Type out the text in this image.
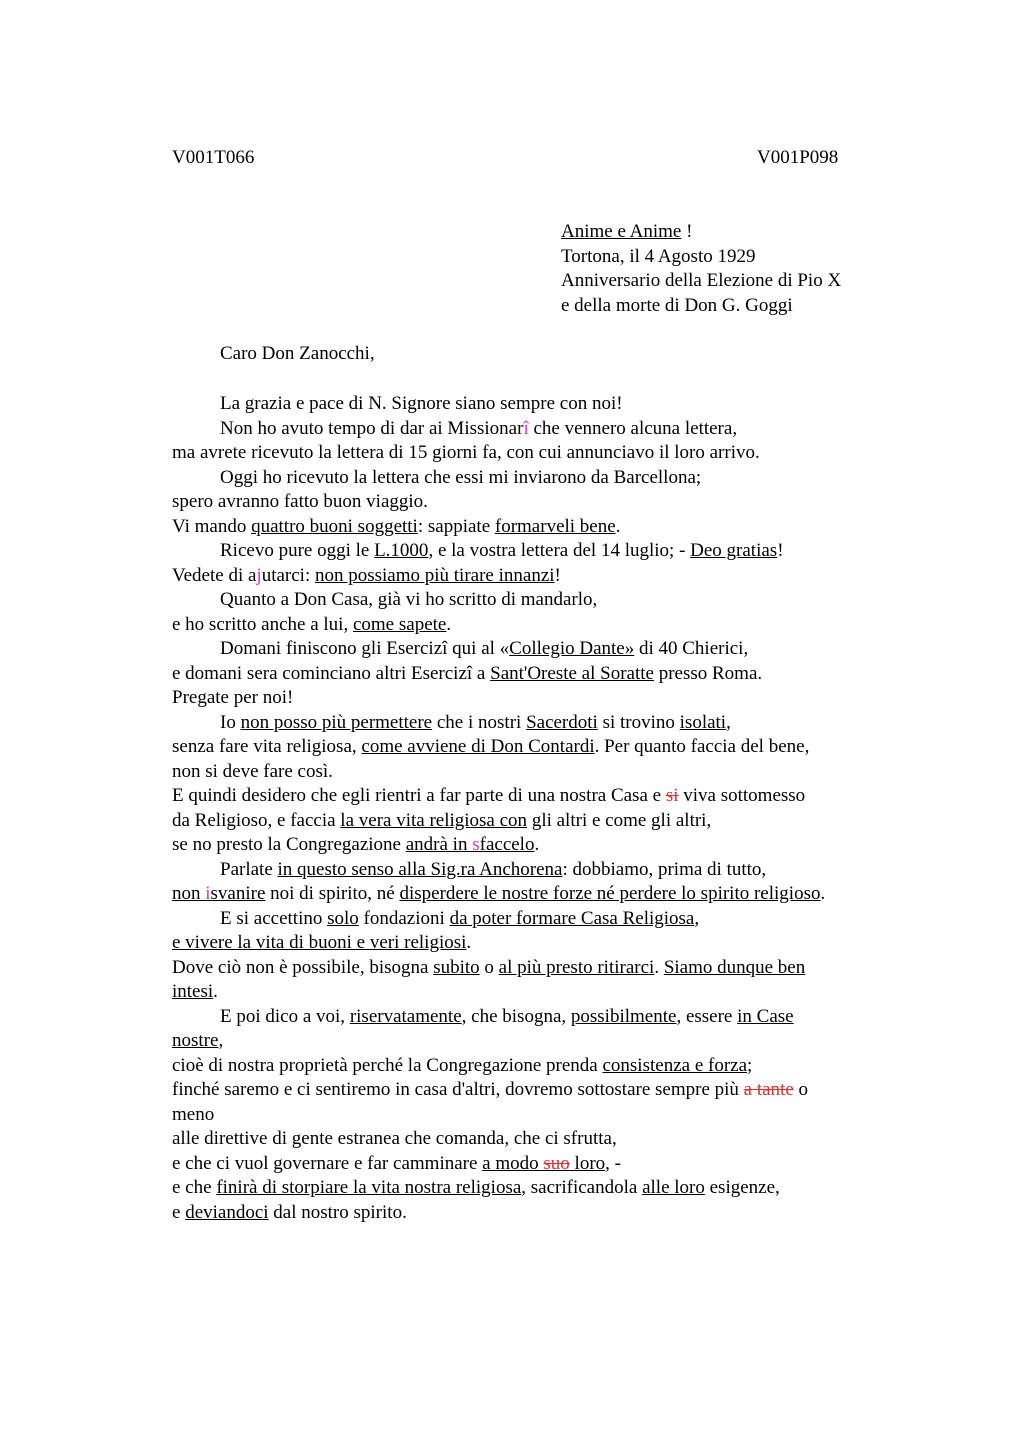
V001T066	V001P098
Anime e Anime !
Tortona, il 4 Agosto 1929
Anniversario della Elezione di Pio X
e della morte di Don G. Goggi
Caro Don Zanocchi,
La grazia e pace di N. Signore siano sempre con noi!
Non ho avuto tempo di dar ai Missionarî che vennero alcuna lettera,
ma avrete ricevuto la lettera di 15 giorni fa, con cui annunciavo il loro arrivo.
Oggi ho ricevuto la lettera che essi mi inviarono da Barcellona;
spero avranno fatto buon viaggio.
Vi mando quattro buoni soggetti: sappiate formarveli bene.
Ricevo pure oggi le L.1000, e la vostra lettera del 14 luglio; - Deo gratias!
Vedete di ajutarci: non possiamo più tirare innanzi!
Quanto a Don Casa, già vi ho scritto di mandarlo,
e ho scritto anche a lui, come sapete.
Domani finiscono gli Esercizî qui al «Collegio Dante» di 40 Chierici,
e domani sera cominciano altri Esercizî a Sant'Oreste al Soratte presso Roma.
Pregate per noi!
Io non posso più permettere che i nostri Sacerdoti si trovino isolati,
senza fare vita religiosa, come avviene di Don Contardi. Per quanto faccia del bene,
non si deve fare così.
E quindi desidero che egli rientri a far parte di una nostra Casa e si viva sottomesso
da Religioso, e faccia la vera vita religiosa con gli altri e come gli altri,
se no presto la Congregazione andrà in sfaccelo.
Parlate in questo senso alla Sig.ra Anchorena: dobbiamo, prima di tutto,
non isvanire noi di spirito, né disperdere le nostre forze né perdere lo spirito religioso.
E si accettino solo fondazioni da poter formare Casa Religiosa,
e vivere la vita di buoni e veri religiosi.
Dove ciò non è possibile, bisogna subito o al più presto ritirarci. Siamo dunque ben
intesi.
E poi dico a voi, riservatamente, che bisogna, possibilmente, essere in Case
nostre,
cioè di nostra proprietà perché la Congregazione prenda consistenza e forza;
finché saremo e ci sentiremo in casa d'altri, dovremo sottostare sempre più a tante o
meno
alle direttive di gente estranea che comanda, che ci sfrutta,
e che ci vuol governare e far camminare a modo suo loro, -
e che finirà di storpiare la vita nostra religiosa, sacrificandola alle loro esigenze,
e deviandoci dal nostro spirito.
